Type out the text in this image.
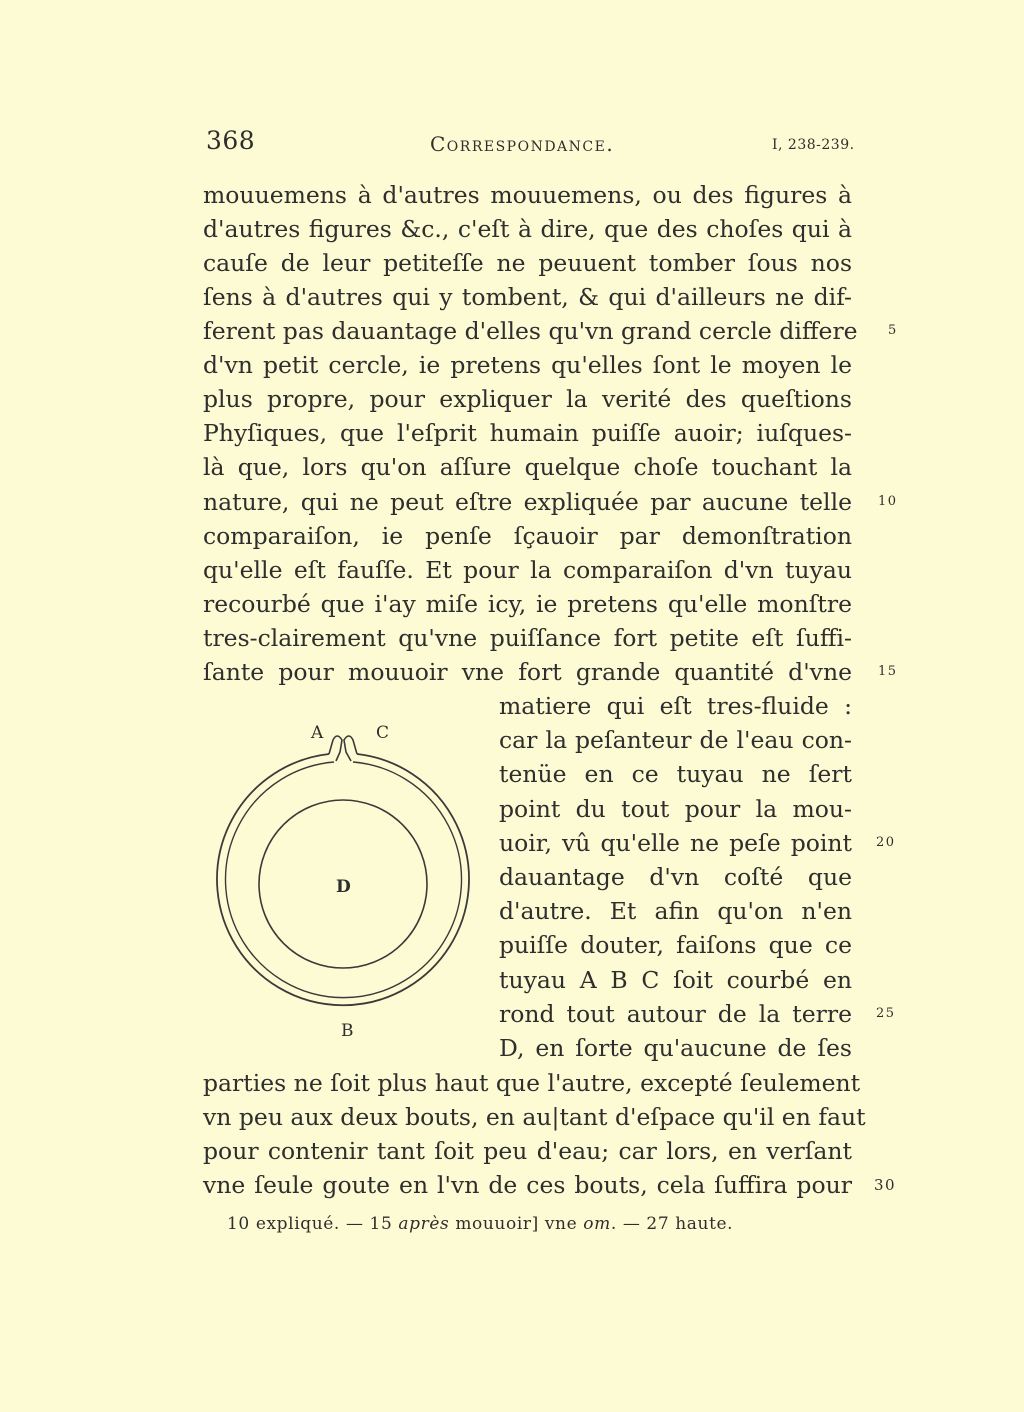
368	Correspondance.	I, 238-239.
mouuemens à d'autres mouuemens, ou des figures à
d'autres figures &c., c'eſt à dire, que des choſes qui à
cauſe de leur petiteſſe ne peuuent tomber ſous nos
ſens à d'autres qui y tombent, & qui d'ailleurs ne dif-
ferent pas dauantage d'elles qu'vn grand cercle differe
d'vn petit cercle, ie pretens qu'elles ſont le moyen le
plus propre, pour expliquer la verité des queſtions
Phyſiques, que l'eſprit humain puiſſe auoir; iuſques-
là que, lors qu'on aſſure quelque choſe touchant la
nature, qui ne peut eſtre expliquée par aucune telle
comparaiſon, ie penſe ſçauoir par demonſtration
qu'elle eſt fauſſe. Et pour la comparaiſon d'vn tuyau
recourbé que i'ay miſe icy, ie pretens qu'elle monſtre
tres-clairement qu'vne puiſſance fort petite eſt ſuffi-
ſante pour mouuoir vne fort grande quantité d'vne
matiere qui eſt tres-fluide :
car la peſanteur de l'eau con-
tenüe en ce tuyau ne ſert
point du tout pour la mou-
uoir, vû qu'elle ne peſe point
dauantage d'vn coſté que
d'autre. Et afin qu'on n'en
puiſſe douter, faiſons que ce
tuyau A B C ſoit courbé en
rond tout autour de la terre
D, en ſorte qu'aucune de ſes
parties ne ſoit plus haut que l'autre, excepté ſeulement
vn peu aux deux bouts, en au|tant d'eſpace qu'il en faut
pour contenir tant ſoit peu d'eau; car lors, en verſant
vne ſeule goute en l'vn de ces bouts, cela ſuffira pour
5
10
15
20
25
30
A	C
D
B
10 expliqué. — 15 après mouuoir] vne om. — 27 haute.
